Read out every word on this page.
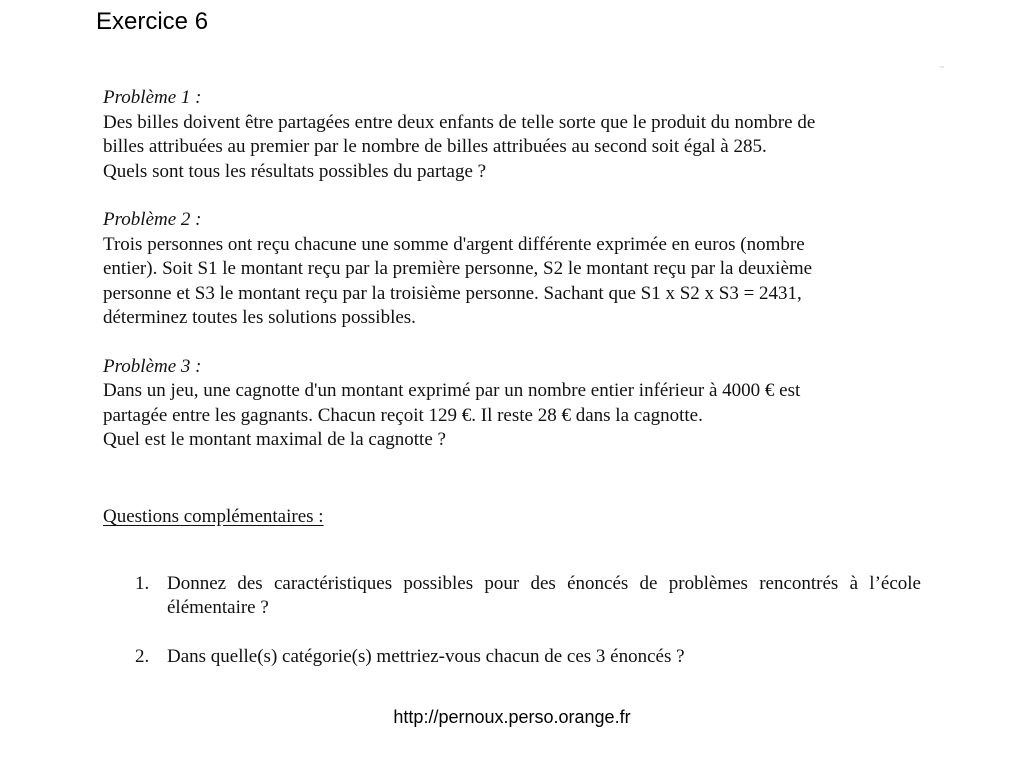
Exercice 6

Problème 1 :

Des billes doivent être partagées entre deux enfants de telle sorte que le produit du nombre de

billes attribuées au premier par le nombre de billes attribuées au second soit égal à 285.

Quels sont tous les résultats possibles du partage ?

Problème 2 :

Trois personnes ont reçu chacune une somme d'argent différente exprimée en euros (nombre

entier). Soit S1 le montant reçu par la première personne, S2 le montant reçu par la deuxième

personne et S3 le montant reçu par la troisième personne. Sachant que S1 x S2 x S3 = 2431,

déterminez toutes les solutions possibles.

Problème 3 :

Dans un jeu, une cagnotte d'un montant exprimé par un nombre entier inférieur à 4000 € est

partagée entre les gagnants. Chacun reçoit 129 €. Il reste 28 € dans la cagnotte.

Quel est le montant maximal de la cagnotte ?

Questions complémentaires :

1. Donnez des caractéristiques possibles pour des énoncés de problèmes rencontrés à l’école élémentaire ?
2. Dans quelle(s) catégorie(s) mettriez-vous chacun de ces 3 énoncés ?
http://pernoux.perso.orange.fr
